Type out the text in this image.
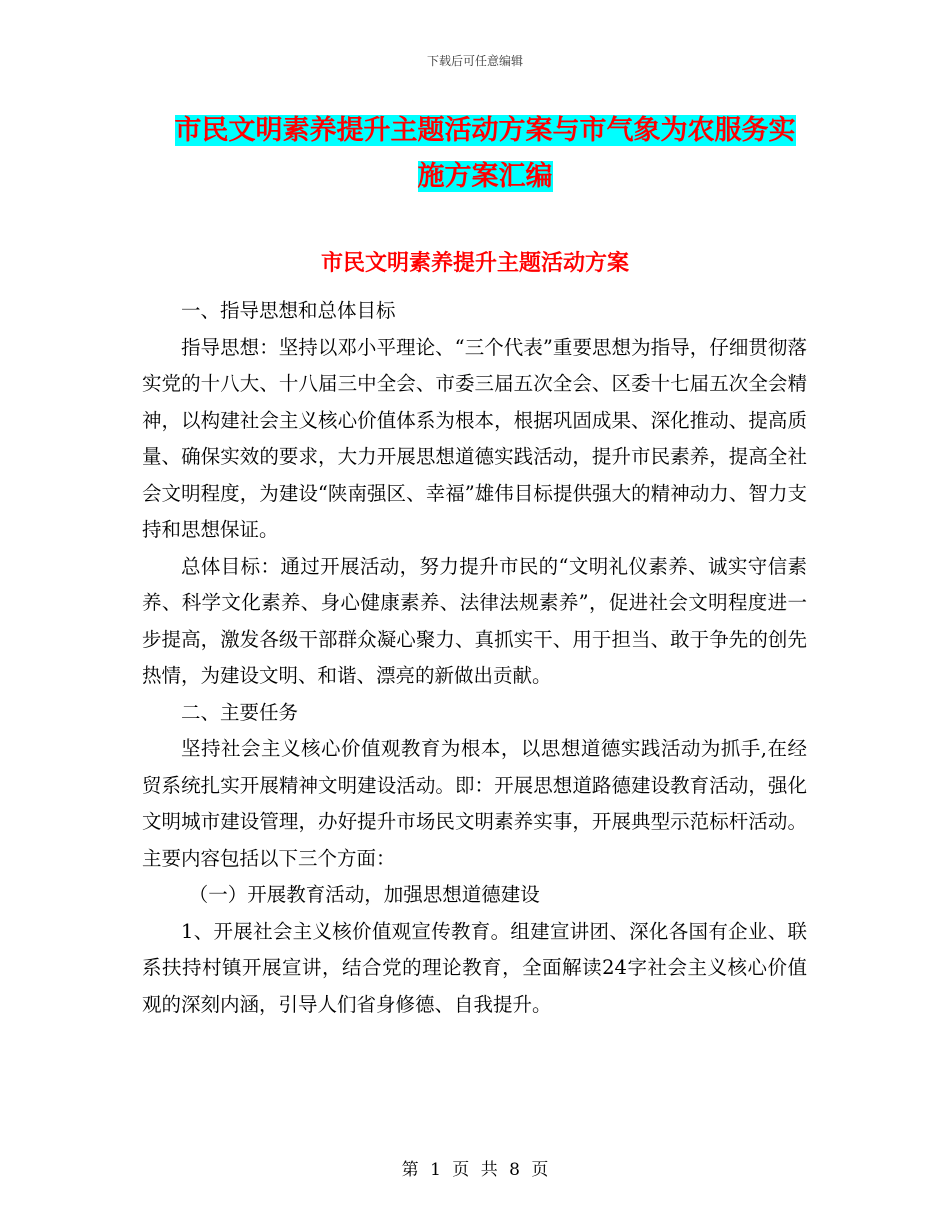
下载后可任意编辑
市民文明素养提升主题活动方案与市气象为农服务实
施方案汇编
市民文明素养提升主题活动方案

一、指导思想和总体目标

指导思想：坚持以邓小平理论、“三个代表”重要思想为指导，仔细贯彻落实党的十八大、十八届三中全会、市委三届五次全会、区委十七届五次全会精神，以构建社会主义核心价值体系为根本，根据巩固成果、深化推动、提高质量、确保实效的要求，大力开展思想道德实践活动，提升市民素养，提高全社会文明程度，为建设“陕南强区、幸福”雄伟目标提供强大的精神动力、智力支持和思想保证。

总体目标：通过开展活动，努力提升市民的“文明礼仪素养、诚实守信素养、科学文化素养、身心健康素养、法律法规素养”，促进社会文明程度进一步提高，激发各级干部群众凝心聚力、真抓实干、用于担当、敢于争先的创先热情，为建设文明、和谐、漂亮的新做出贡献。

二、主要任务

坚持社会主义核心价值观教育为根本，以思想道德实践活动为抓手,在经贸系统扎实开展精神文明建设活动。即：开展思想道路德建设教育活动，强化文明城市建设管理，办好提升市场民文明素养实事，开展典型示范标杆活动。主要内容包括以下三个方面：

（一）开展教育活动，加强思想道德建设

1、开展社会主义核价值观宣传教育。组建宣讲团、深化各国有企业、联系扶持村镇开展宣讲，结合党的理论教育，全面解读24字社会主义核心价值观的深刻内涵，引导人们省身修德、自我提升。

第 1 页 共 8 页
